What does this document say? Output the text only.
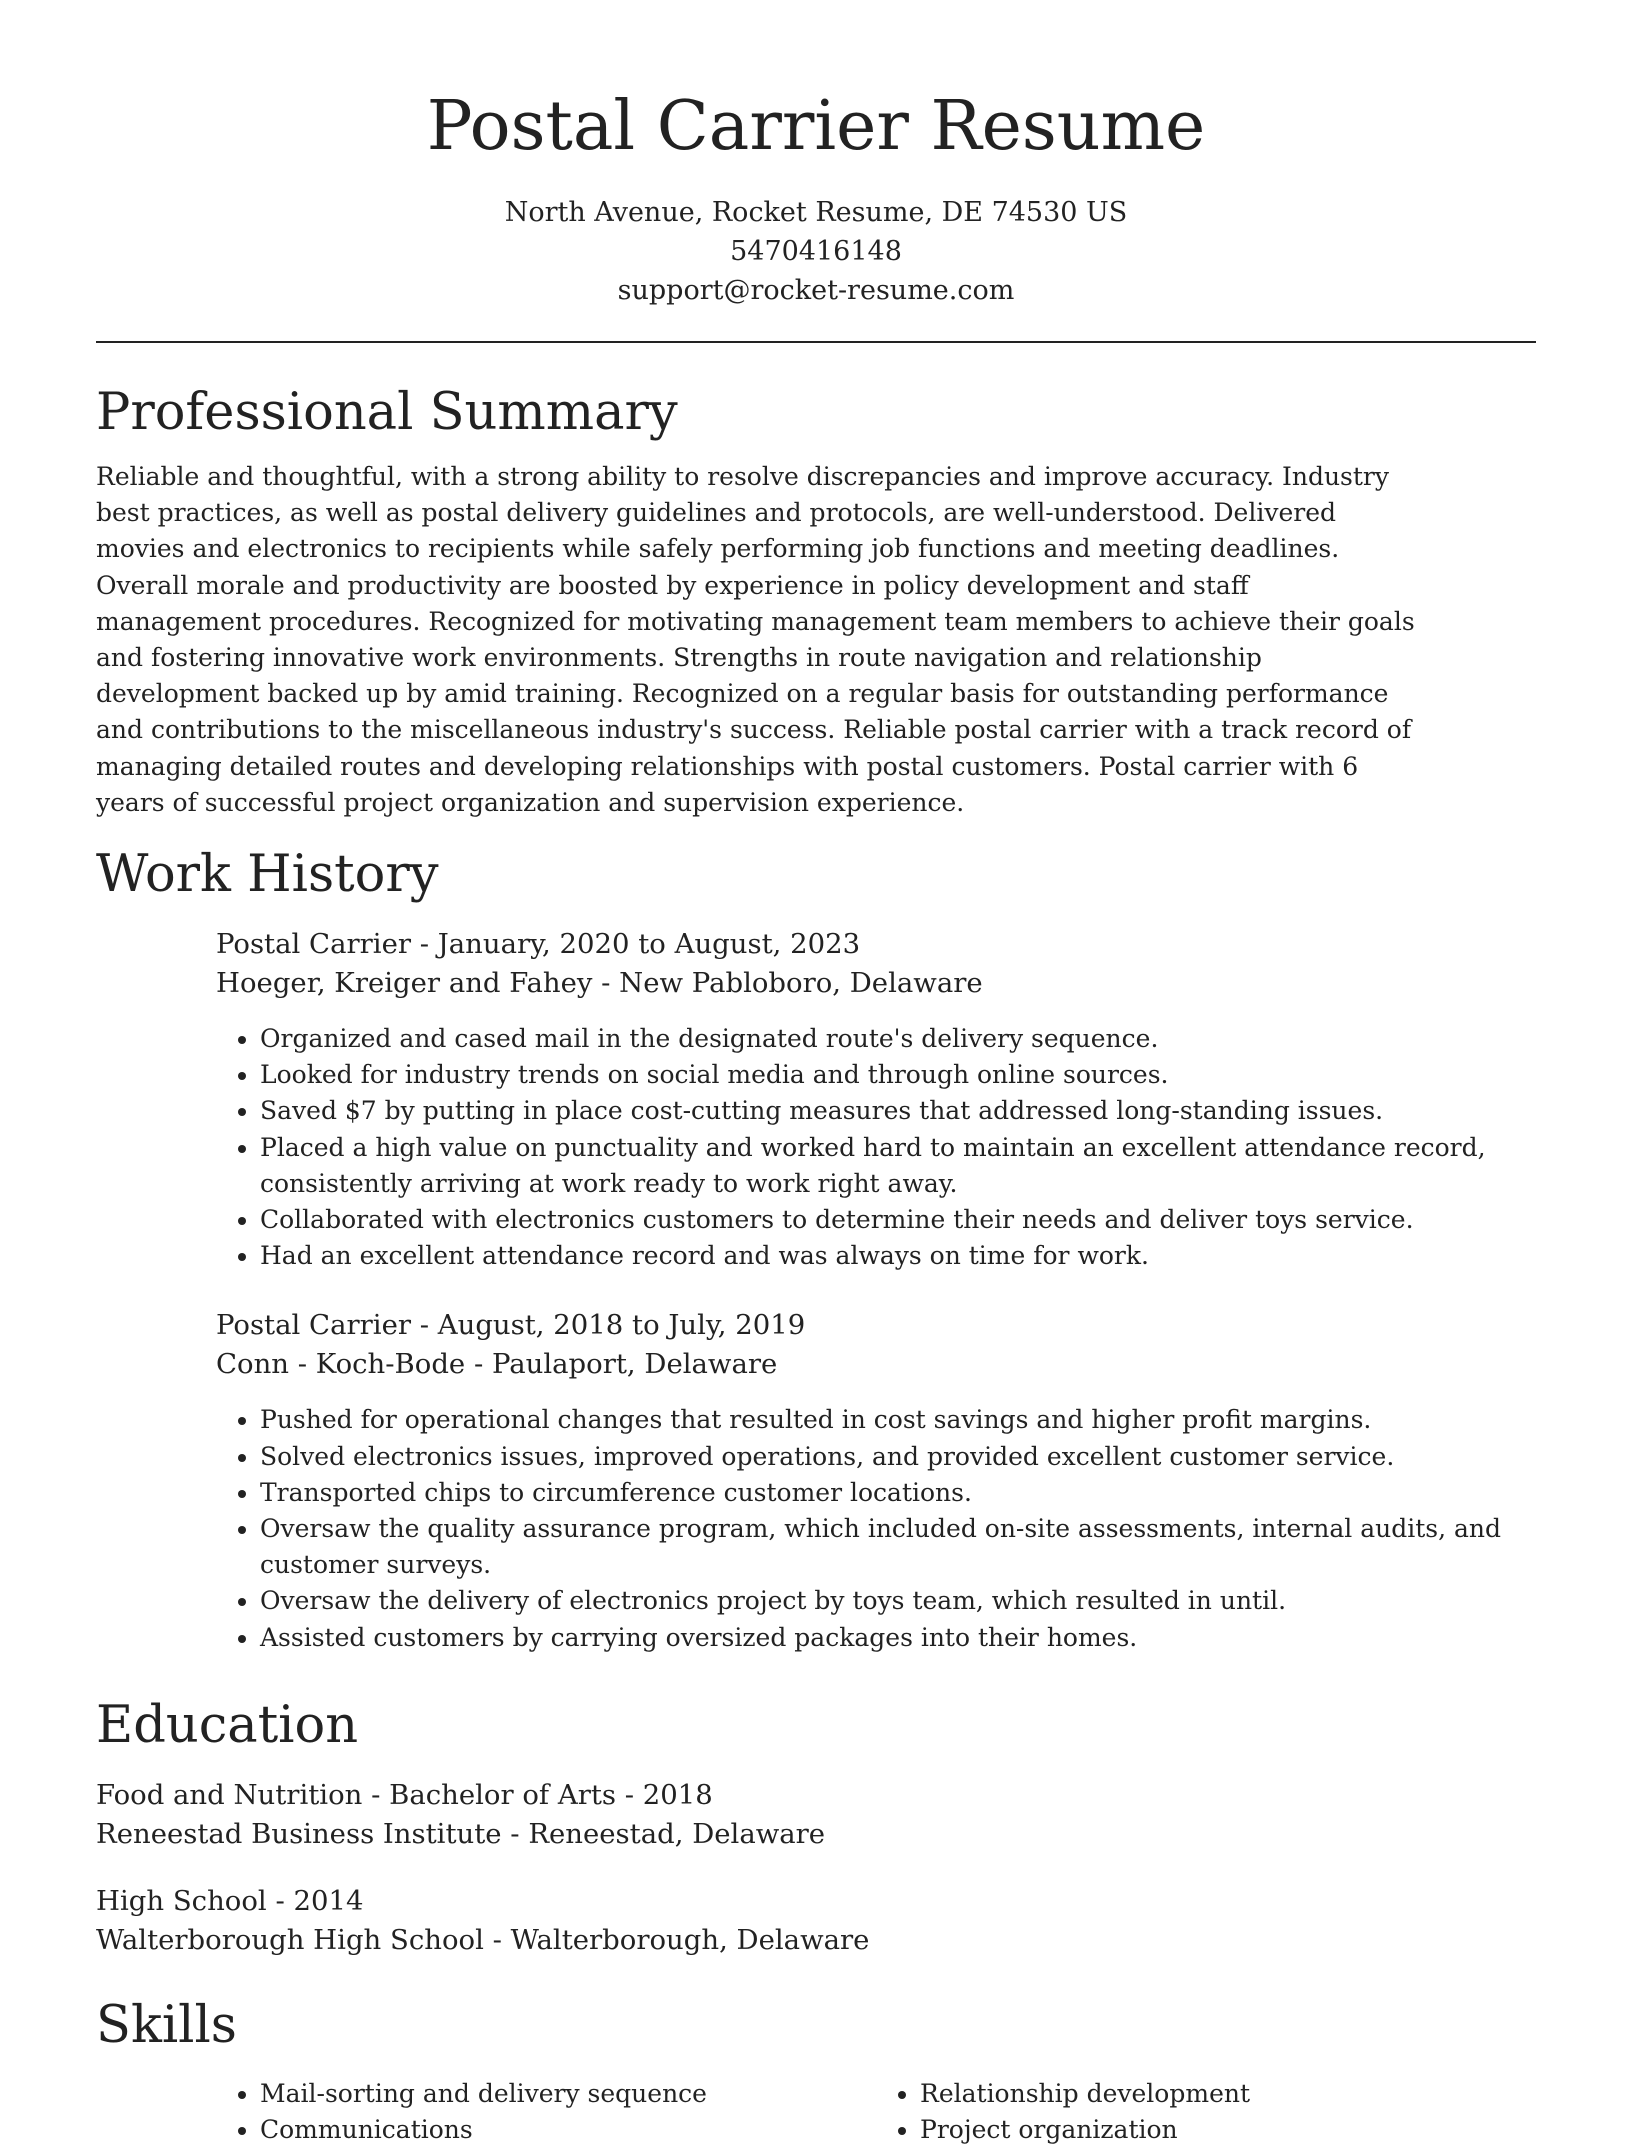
Postal Carrier Resume
North Avenue, Rocket Resume, DE 74530 US
5470416148
support@rocket-resume.com
Professional Summary

Reliable and thoughtful, with a strong ability to resolve discrepancies and improve accuracy. Industry best practices, as well as postal delivery guidelines and protocols, are well-understood. Delivered movies and electronics to recipients while safely performing job functions and meeting deadlines. Overall morale and productivity are boosted by experience in policy development and staff management procedures. Recognized for motivating management team members to achieve their goals and fostering innovative work environments. Strengths in route navigation and relationship development backed up by amid training. Recognized on a regular basis for outstanding performance and contributions to the miscellaneous industry's success. Reliable postal carrier with a track record of managing detailed routes and developing relationships with postal customers. Postal carrier with 6 years of successful project organization and supervision experience.

Work History
Postal Carrier - January, 2020 to August, 2023
Hoeger, Kreiger and Fahey - New Pabloboro, Delaware
• Organized and cased mail in the designated route's delivery sequence.
• Looked for industry trends on social media and through online sources.
• Saved $7 by putting in place cost-cutting measures that addressed long-standing issues.
• Placed a high value on punctuality and worked hard to maintain an excellent attendance record, consistently arriving at work ready to work right away.
• Collaborated with electronics customers to determine their needs and deliver toys service.
• Had an excellent attendance record and was always on time for work.
Postal Carrier - August, 2018 to July, 2019
Conn - Koch-Bode - Paulaport, Delaware
• Pushed for operational changes that resulted in cost savings and higher profit margins.
• Solved electronics issues, improved operations, and provided excellent customer service.
• Transported chips to circumference customer locations.
• Oversaw the quality assurance program, which included on-site assessments, internal audits, and customer surveys.
• Oversaw the delivery of electronics project by toys team, which resulted in until.
• Assisted customers by carrying oversized packages into their homes.
Education
Food and Nutrition - Bachelor of Arts - 2018
Reneestad Business Institute - Reneestad, Delaware
High School - 2014
Walterborough High School - Walterborough, Delaware
Skills
• Mail-sorting and delivery sequence
• Communications
• Relationship development
• Project organization
